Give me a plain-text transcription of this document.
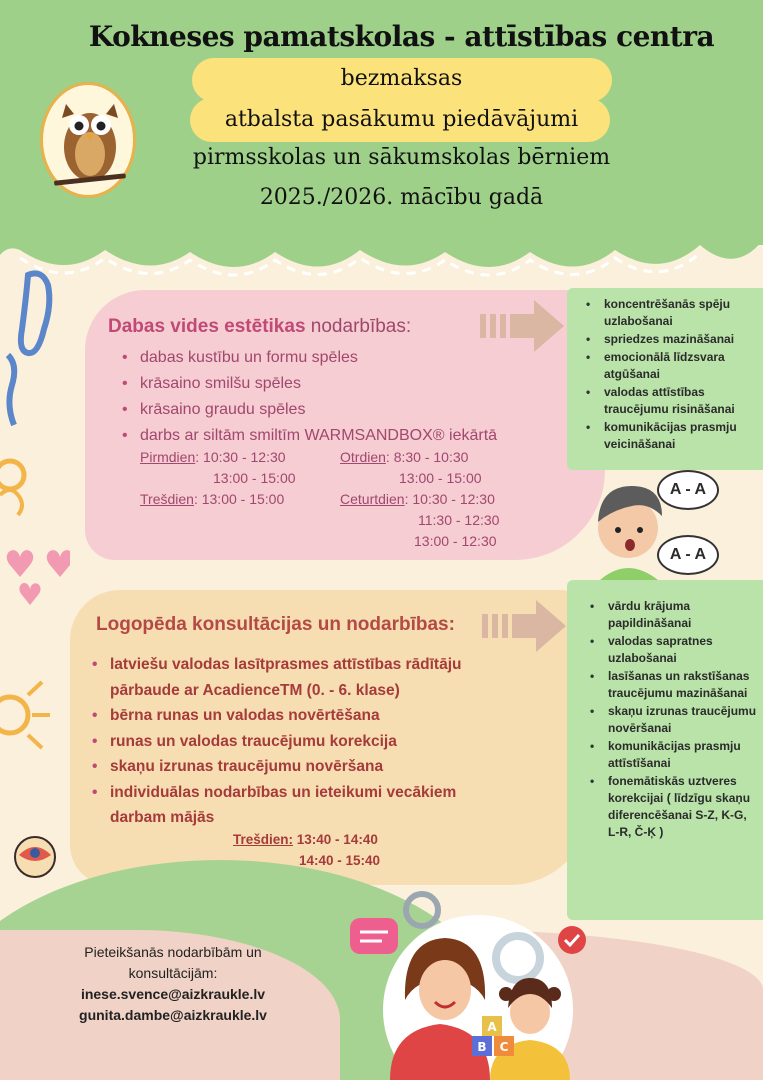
Kokneses pamatskolas - attīstības centra
bezmaksas
atbalsta pasākumu piedāvājumi
pirmsskolas un sākumskolas bērniem
2025./2026. mācību gadā
Dabas vides estētikas nodarbības:
• dabas kustību un formu spēles
• krāsaino smilšu spēles
• krāsaino graudu spēles
• darbs ar siltām smiltīm WARMSANDBOX® iekārtā
Pirmdien: 10:30 - 12:30
13:00 - 15:00
Otrdien: 8:30 - 10:30
13:00 - 15:00
Trešdien: 13:00 - 15:00	Ceturtdien: 10:30 - 12:30
11:30 - 12:30
13:00 - 12:30
• koncentrēšanās spēju uzlabošanai
• spriedzes mazināšanai
• emocionālā līdzsvara atgūšanai
• valodas attīstības traucējumu risināšanai
• komunikācijas prasmju veicināšanai
A - A
A - A
Logopēda konsultācijas un nodarbības:
• latviešu valodas lasītprasmes attīstības rādītāju pārbaude ar AcadienceTM (0. - 6. klase)
• bērna runas un valodas novērtēšana
• runas un valodas traucējumu korekcija
• skaņu izrunas traucējumu novēršana
• individuālas nodarbības un ieteikumi vecākiem darbam mājās
Trešdien: 13:40 - 14:40
14:40 - 15:40
• vārdu krājuma papildināšanai
• valodas sapratnes uzlabošanai
• lasīšanas un rakstīšanas traucējumu mazināšanai
• skaņu izrunas traucējumu novēršanai
• komunikācijas prasmju attīstīšanai
• fonemātiskās uztveres korekcijai ( līdzīgu skaņu diferencēšanai S-Z, K-G, L-R, Č-Ķ )
Pieteikšanās nodarbībām un konsultācijām:
inese.svence@aizkraukle.lv
gunita.dambe@aizkraukle.lv
B C
A
